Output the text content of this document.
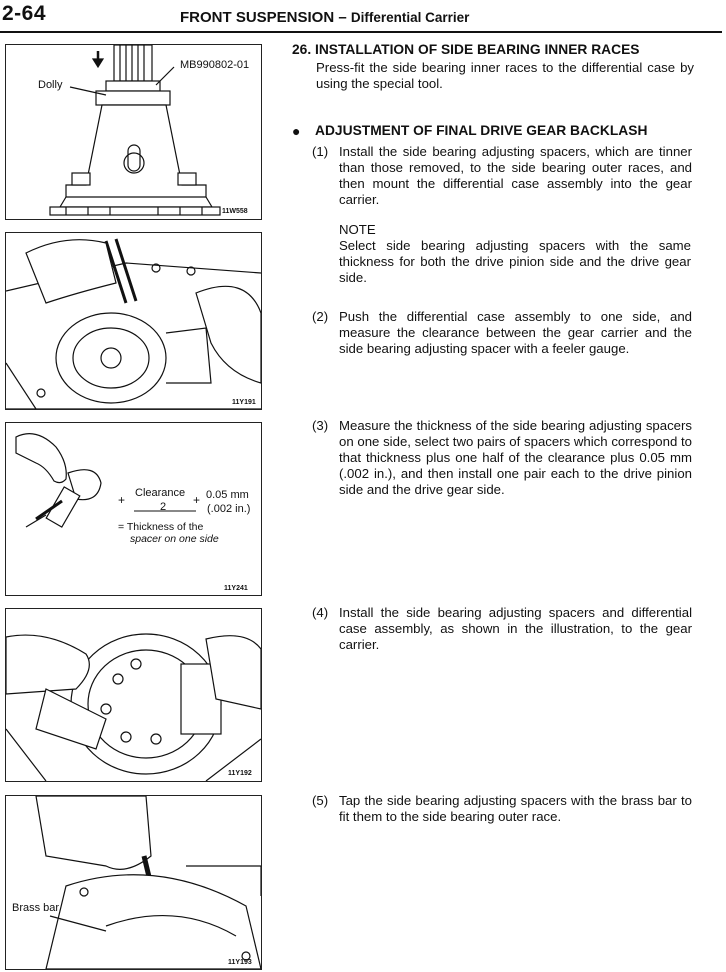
2-64	FRONT SUSPENSION – Differential Carrier
MB990802-01
Dolly
11W558
11Y191
Clearance
2
+	+ 0.05 mm
(.002 in.)
= Thickness of the
spacer on one side
11Y241
11Y192
Brass bar
11Y193
26. INSTALLATION OF SIDE BEARING INNER RACES
Press-fit the side bearing inner races to the differential case by using the special tool.
● ADJUSTMENT OF FINAL DRIVE GEAR BACKLASH
(1) Install the side bearing adjusting spacers, which are tinner than those removed, to the side bearing outer races, and then mount the differential case assembly into the gear carrier.
NOTE
Select side bearing adjusting spacers with the same thickness for both the drive pinion side and the drive gear side.
(2) Push the differential case assembly to one side, and measure the clearance between the gear carrier and the side bearing adjusting spacer with a feeler gauge.
(3) Measure the thickness of the side bearing adjusting spacers on one side, select two pairs of spacers which correspond to that thickness plus one half of the clearance plus 0.05 mm (.002 in.), and then install one pair each to the drive pinion side and the drive gear side.
(4) Install the side bearing adjusting spacers and differential case assembly, as shown in the illustration, to the gear carrier.
(5) Tap the side bearing adjusting spacers with the brass bar to fit them to the side bearing outer race.
